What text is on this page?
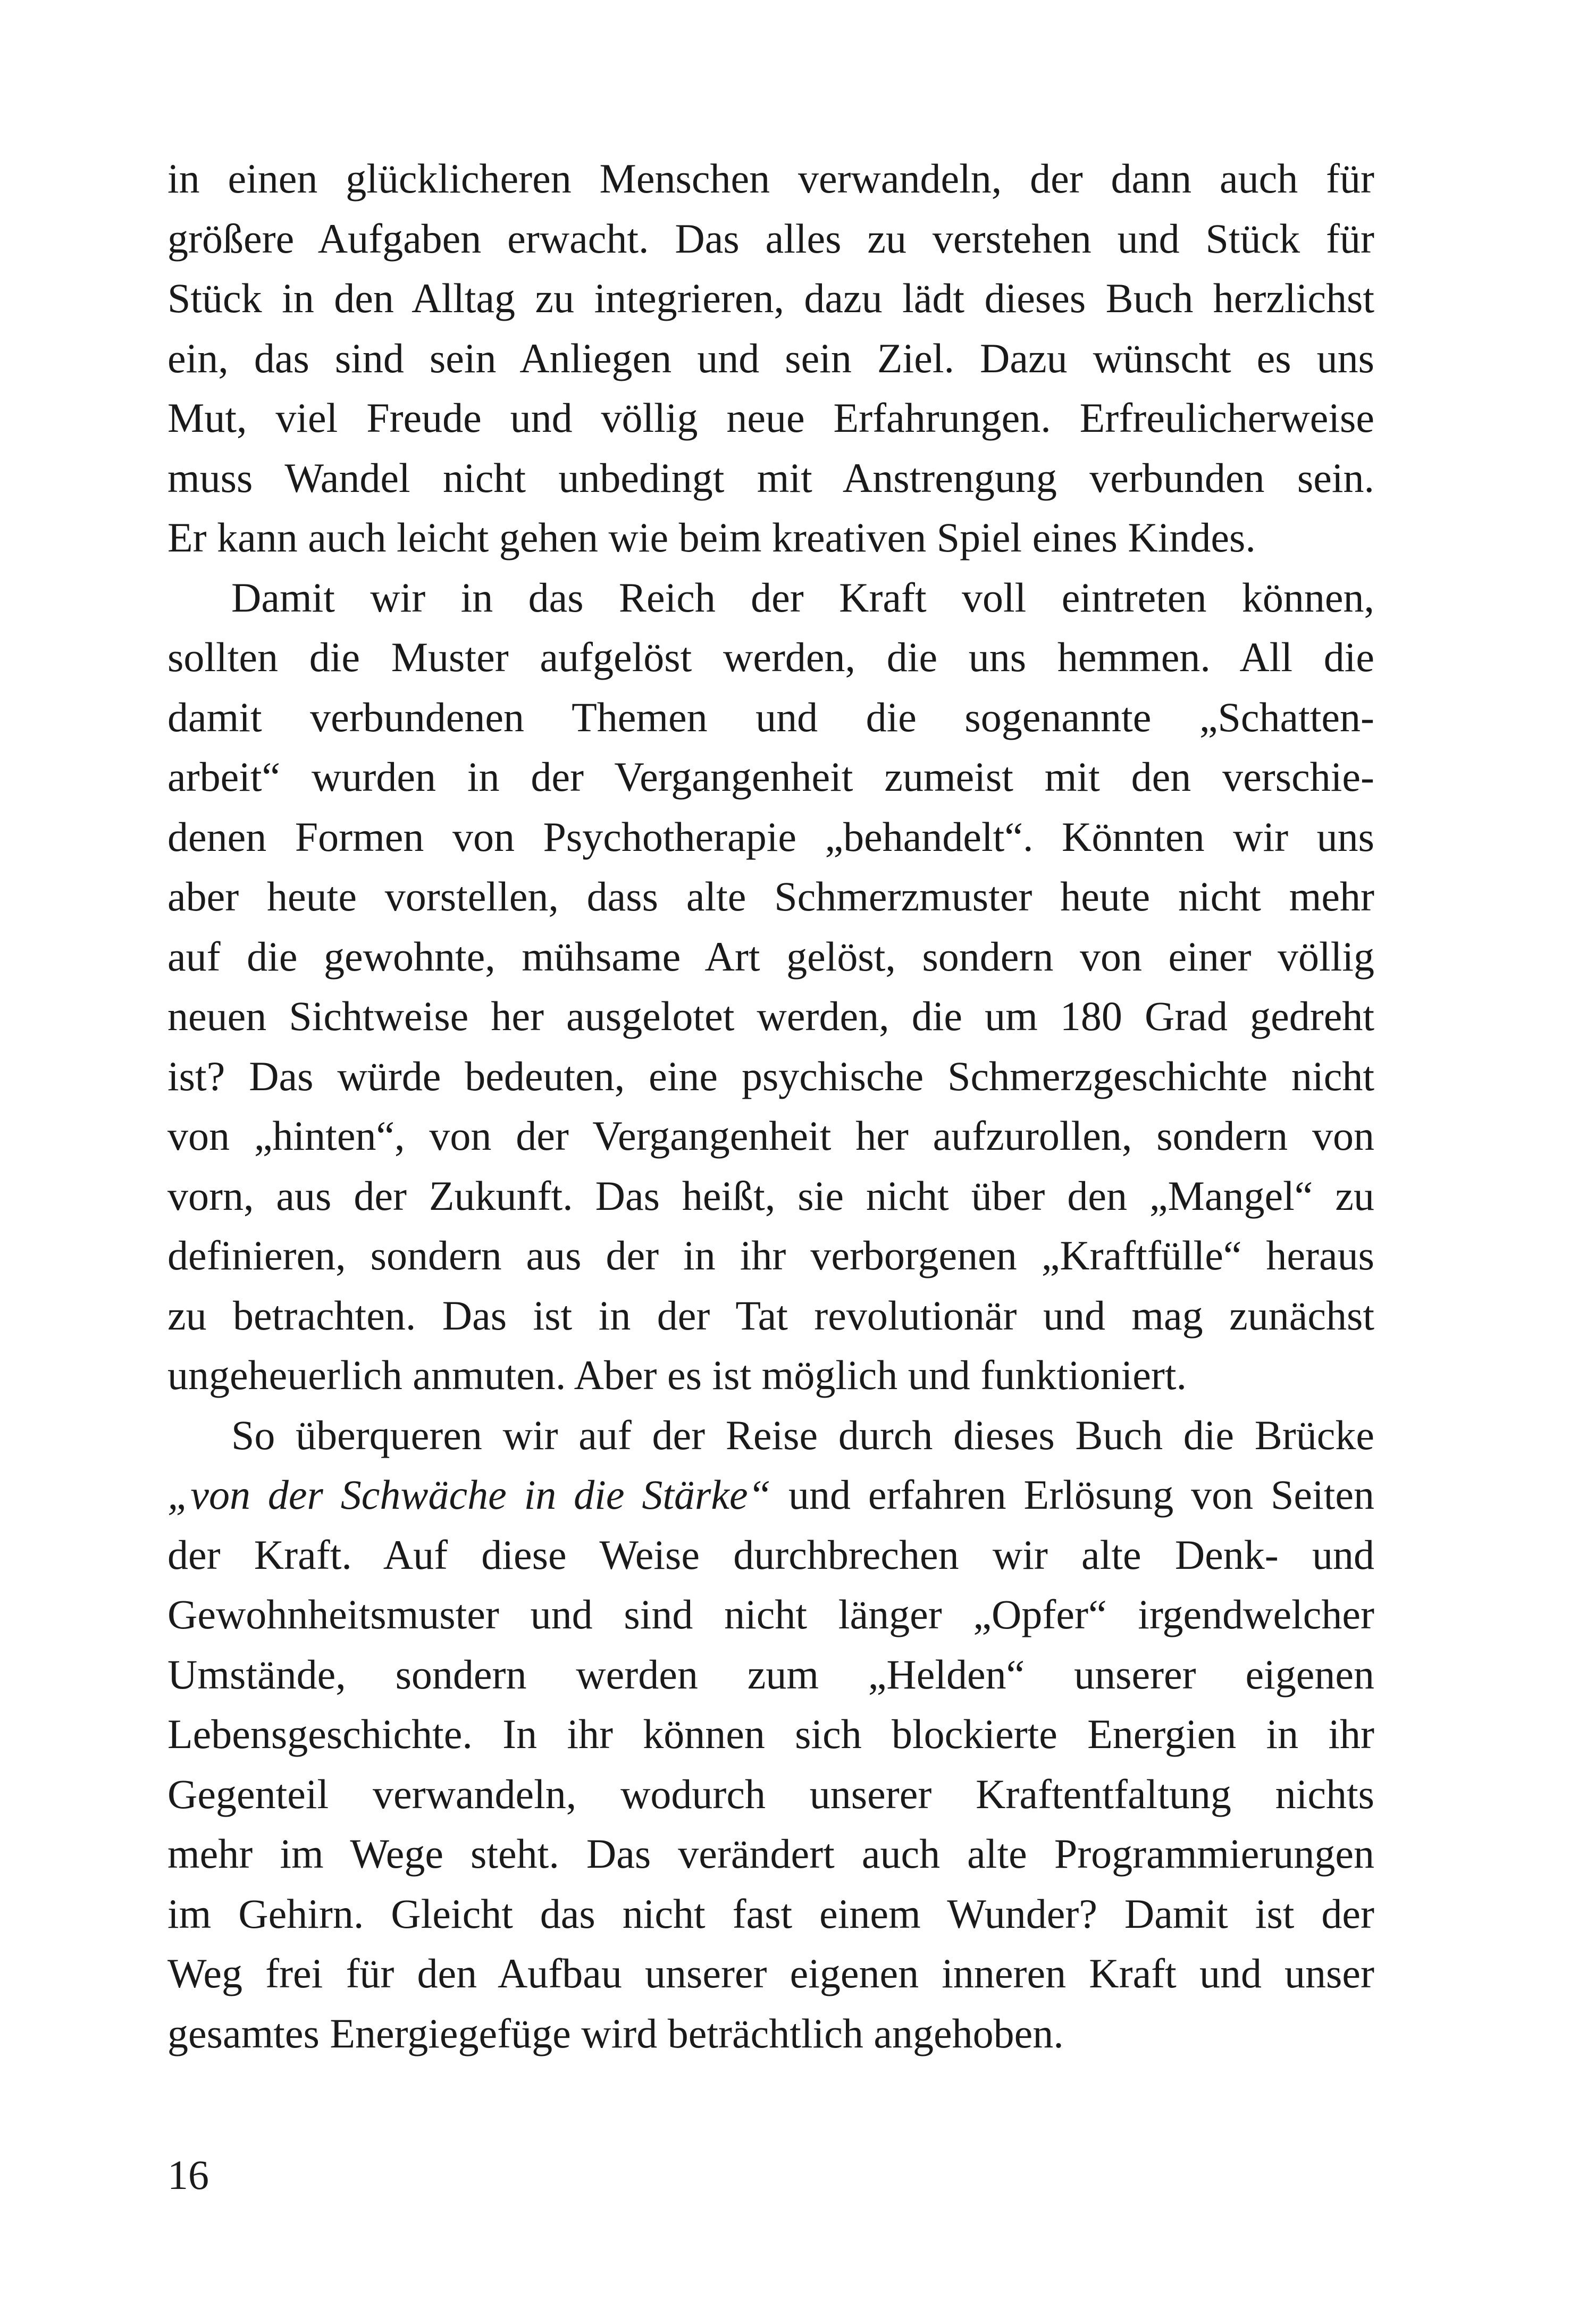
in einen glücklicheren Menschen verwandeln, der dann auch für
größere Aufgaben erwacht. Das alles zu verstehen und Stück für
Stück in den Alltag zu integrieren, dazu lädt dieses Buch herzlichst
ein, das sind sein Anliegen und sein Ziel. Dazu wünscht es uns
Mut, viel Freude und völlig neue Erfahrungen. Erfreulicherweise
muss Wandel nicht unbedingt mit Anstrengung verbunden sein.
Er kann auch leicht gehen wie beim kreativen Spiel eines Kindes.
Damit wir in das Reich der Kraft voll eintreten können,
sollten die Muster aufgelöst werden, die uns hemmen. All die
damit verbundenen Themen und die sogenannte „Schatten-
arbeit“ wurden in der Vergangenheit zumeist mit den verschie-
denen Formen von Psychotherapie „behandelt“. Könnten wir uns
aber heute vorstellen, dass alte Schmerzmuster heute nicht mehr
auf die gewohnte, mühsame Art gelöst, sondern von einer völlig
neuen Sichtweise her ausgelotet werden, die um 180 Grad gedreht
ist? Das würde bedeuten, eine psychische Schmerzgeschichte nicht
von „hinten“, von der Vergangenheit her aufzurollen, sondern von
vorn, aus der Zukunft. Das heißt, sie nicht über den „Mangel“ zu
definieren, sondern aus der in ihr verborgenen „Kraftfülle“ heraus
zu betrachten. Das ist in der Tat revolutionär und mag zunächst
ungeheuerlich anmuten. Aber es ist möglich und funktioniert.
So überqueren wir auf der Reise durch dieses Buch die Brücke
„von der Schwäche in die Stärke“ und erfahren Erlösung von Seiten
der Kraft. Auf diese Weise durchbrechen wir alte Denk- und
Gewohnheitsmuster und sind nicht länger „Opfer“ irgendwelcher
Umstände, sondern werden zum „Helden“ unserer eigenen
Lebensgeschichte. In ihr können sich blockierte Energien in ihr
Gegenteil verwandeln, wodurch unserer Kraftentfaltung nichts
mehr im Wege steht. Das verändert auch alte Programmierungen
im Gehirn. Gleicht das nicht fast einem Wunder? Damit ist der
Weg frei für den Aufbau unserer eigenen inneren Kraft und unser
gesamtes Energiegefüge wird beträchtlich angehoben.
16
